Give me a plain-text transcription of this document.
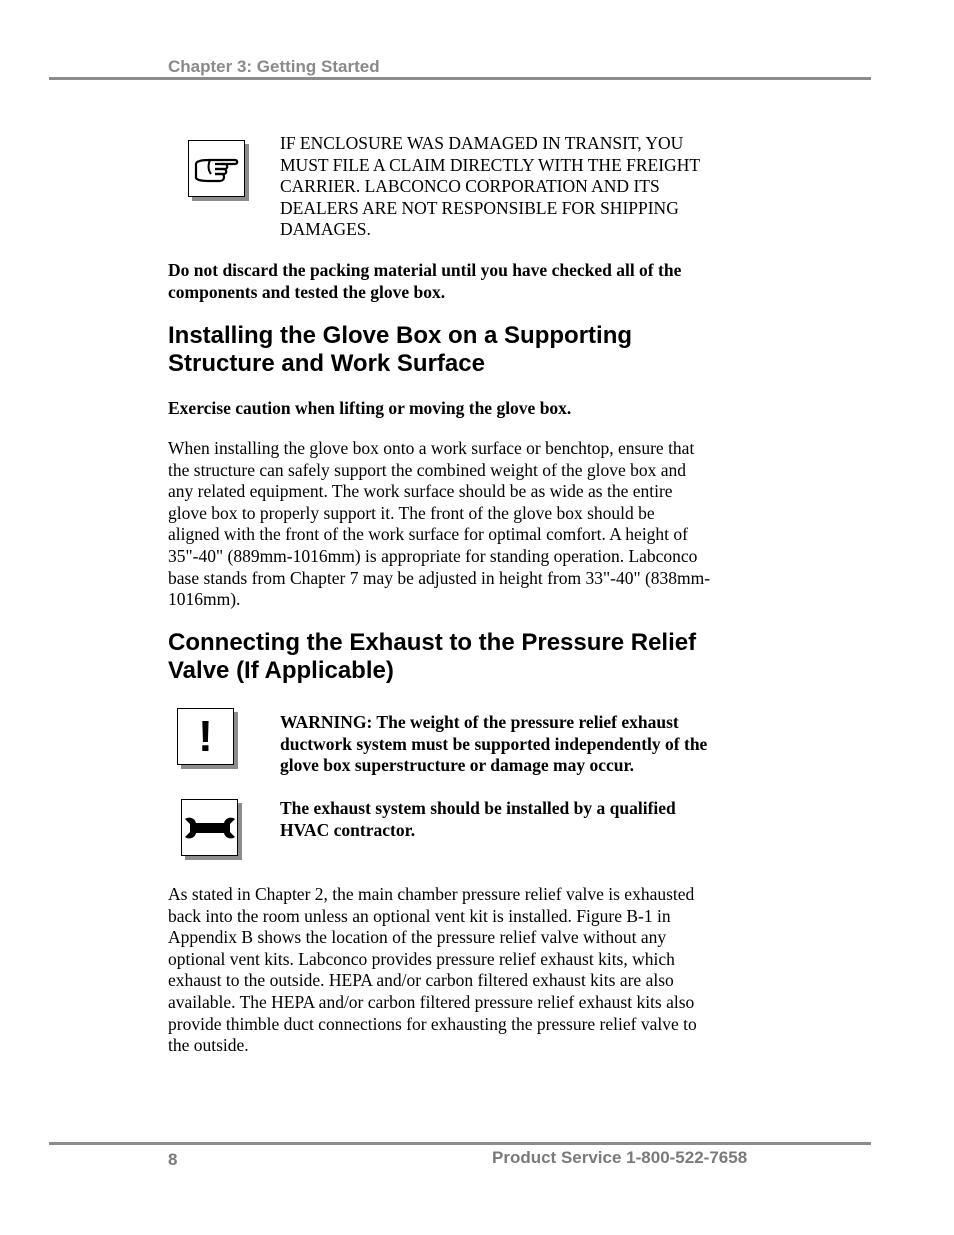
Chapter 3: Getting Started

IF ENCLOSURE WAS DAMAGED IN TRANSIT, YOU
MUST FILE A CLAIM DIRECTLY WITH THE FREIGHT
CARRIER. LABCONCO CORPORATION AND ITS
DEALERS ARE NOT RESPONSIBLE FOR SHIPPING
DAMAGES.

Do not discard the packing material until you have checked all of the
components and tested the glove box.

Installing the Glove Box on a Supporting
Structure and Work Surface

Exercise caution when lifting or moving the glove box.

When installing the glove box onto a work surface or benchtop, ensure that
the structure can safely support the combined weight of the glove box and
any related equipment. The work surface should be as wide as the entire
glove box to properly support it. The front of the glove box should be
aligned with the front of the work surface for optimal comfort. A height of
35"-40" (889mm-1016mm) is appropriate for standing operation. Labconco
base stands from Chapter 7 may be adjusted in height from 33"-40" (838mm-
1016mm).

Connecting the Exhaust to the Pressure Relief
Valve (If Applicable)
!	WARNING: The weight of the pressure relief exhaust
ductwork system must be supported independently of the
glove box superstructure or damage may occur.

The exhaust system should be installed by a qualified
HVAC contractor.

As stated in Chapter 2, the main chamber pressure relief valve is exhausted
back into the room unless an optional vent kit is installed. Figure B-1 in
Appendix B shows the location of the pressure relief valve without any
optional vent kits. Labconco provides pressure relief exhaust kits, which
exhaust to the outside. HEPA and/or carbon filtered exhaust kits are also
available. The HEPA and/or carbon filtered pressure relief exhaust kits also
provide thimble duct connections for exhausting the pressure relief valve to
the outside.

8	Product Service 1-800-522-7658
